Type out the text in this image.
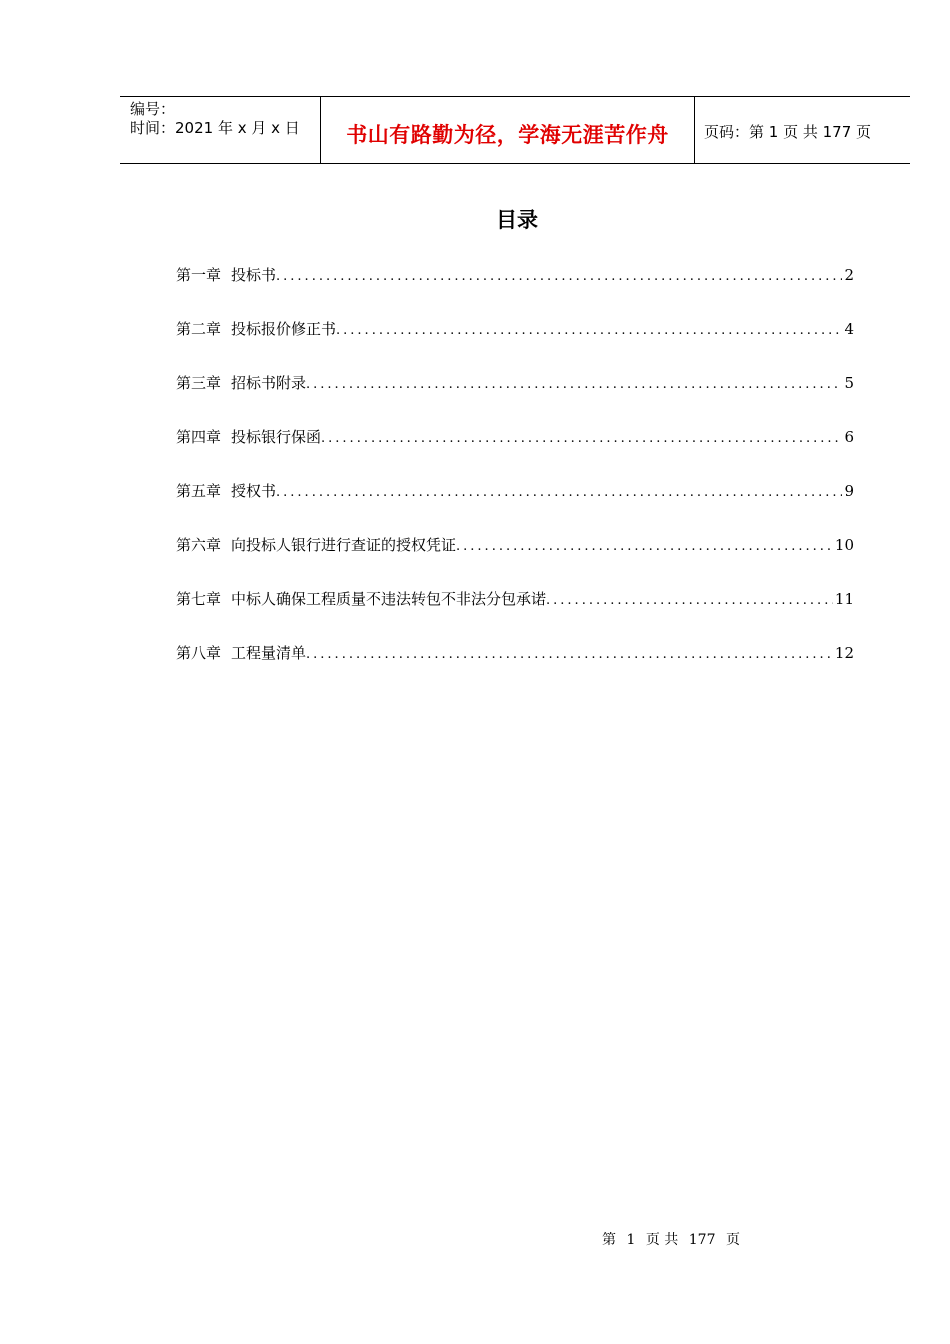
编号：
时间：2021 年 x 月 x 日	书山有路勤为径，学海无涯苦作舟	页码：第 1 页 共 177 页
目录
第一章 投标书 .....	2
第二章 投标报价修正书 .....	4
第三章 招标书附录 .....	5
第四章 投标银行保函 .....	6
第五章 授权书 .....	9
第六章 向投标人银行进行查证的授权凭证 .....	10
第七章 中标人确保工程质量不违法转包不非法分包承诺 .....	11
第八章 工程量清单 .....	12
第 1 页 共 177 页
